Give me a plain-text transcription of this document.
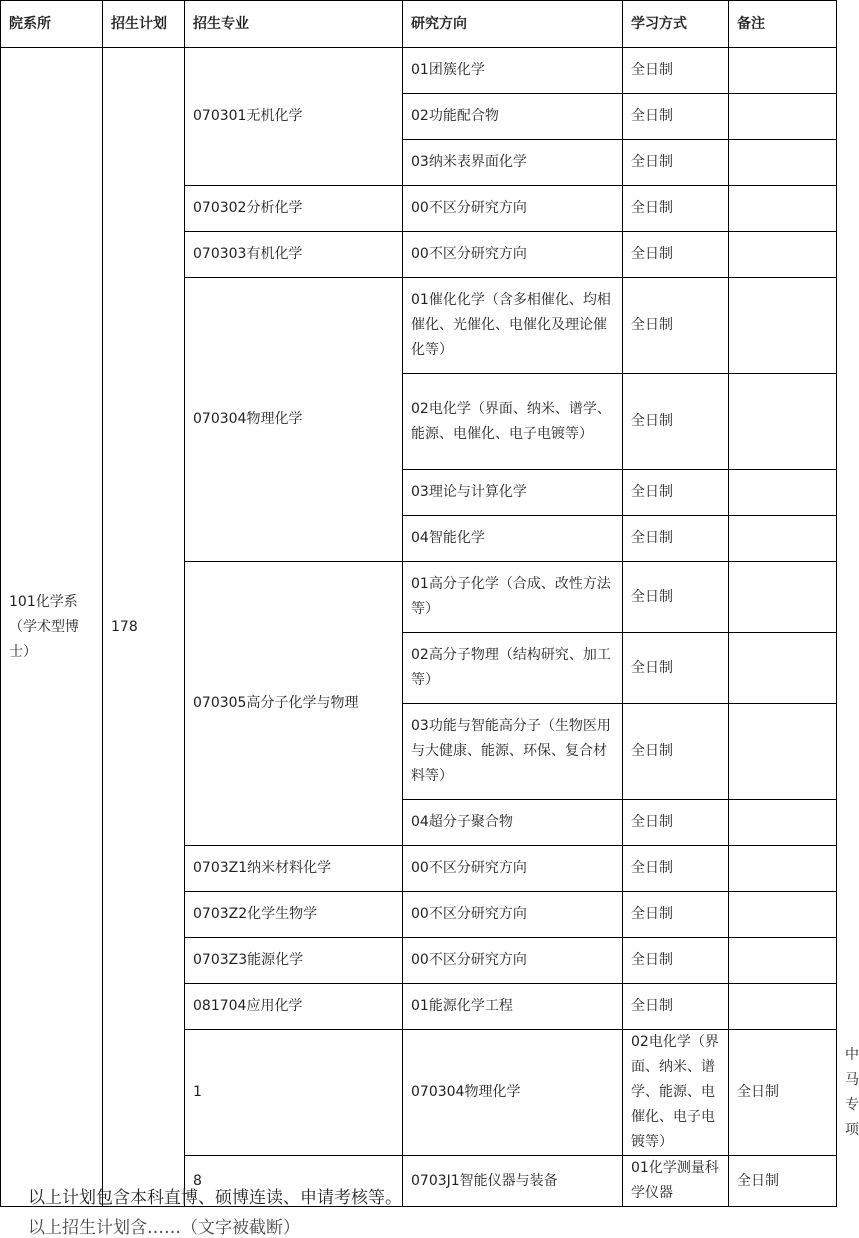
院系所	招生计划	招生专业	研究方向	学习方式	备注	
101化学系（学术型博士）	178	070301无机化学	01团簇化学	全日制		
			02功能配合物	全日制		
			03纳米表界面化学	全日制		
		070302分析化学	00不区分研究方向	全日制		
		070303有机化学	00不区分研究方向	全日制		
		070304物理化学	01催化化学（含多相催化、均相催化、光催化、电催化及理论催化等）	全日制		
			02电化学（界面、纳米、谱学、能源、电催化、电子电镀等）	全日制		
			03理论与计算化学	全日制		
			04智能化学	全日制		
		070305高分子化学与物理	01高分子化学（合成、改性方法等）	全日制		
			02高分子物理（结构研究、加工等）	全日制		
			03功能与智能高分子（生物医用与大健康、能源、环保、复合材料等）	全日制		
			04超分子聚合物	全日制		
		0703Z1纳米材料化学	00不区分研究方向	全日制		
		0703Z2化学生物学	00不区分研究方向	全日制		
		0703Z3能源化学	00不区分研究方向	全日制		
		081704应用化学	01能源化学工程	全日制		
		1	070304物理化学	02电化学（界面、纳米、谱学、能源、电催化、电子电镀等）	全日制	中马专项
		8	0703J1智能仪器与装备	01化学测量科学仪器	全日制	
以上计划包含本科直博、硕博连读、申请考核等。
以上招生计划含……（文字被截断）
